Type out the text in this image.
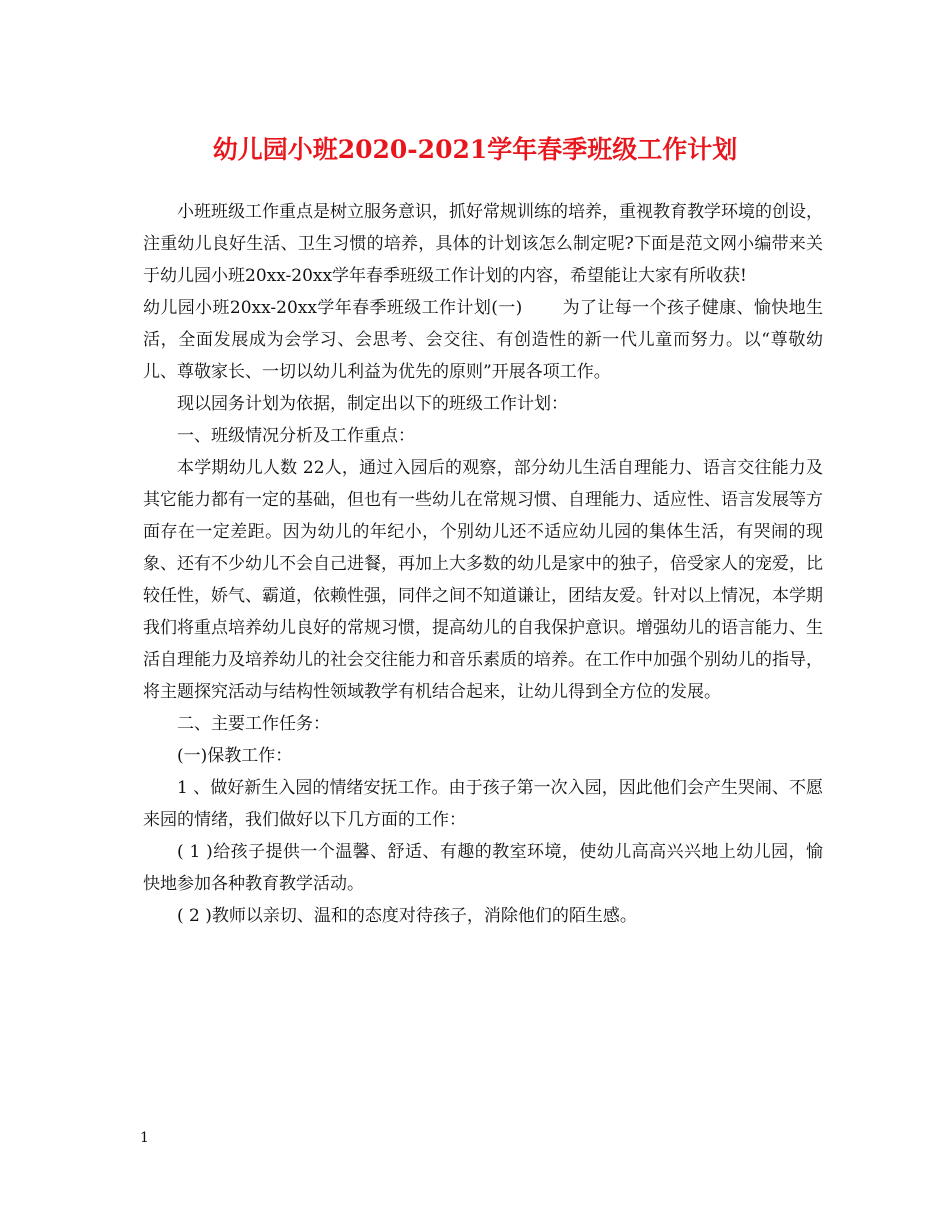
幼儿园小班2020-2021学年春季班级工作计划

小班班级工作重点是树立服务意识，抓好常规训练的培养，重视教育教学环境的创设，注重幼儿良好生活、卫生习惯的培养，具体的计划该怎么制定呢?下面是范文网小编带来关于幼儿园小班20xx-20xx学年春季班级工作计划的内容，希望能让大家有所收获!

幼儿园小班20xx-20xx学年春季班级工作计划(一) 为了让每一个孩子健康、愉快地生活，全面发展成为会学习、会思考、会交往、有创造性的新一代儿童而努力。以“尊敬幼儿、尊敬家长、一切以幼儿利益为优先的原则”开展各项工作。

现以园务计划为依据，制定出以下的班级工作计划：

一、班级情况分析及工作重点：

本学期幼儿人数 22人，通过入园后的观察，部分幼儿生活自理能力、语言交往能力及其它能力都有一定的基础，但也有一些幼儿在常规习惯、自理能力、适应性、语言发展等方面存在一定差距。因为幼儿的年纪小，个别幼儿还不适应幼儿园的集体生活，有哭闹的现象、还有不少幼儿不会自己进餐，再加上大多数的幼儿是家中的独子，倍受家人的宠爱，比较任性，娇气、霸道，依赖性强，同伴之间不知道谦让，团结友爱。针对以上情况，本学期我们将重点培养幼儿良好的常规习惯，提高幼儿的自我保护意识。增强幼儿的语言能力、生活自理能力及培养幼儿的社会交往能力和音乐素质的培养。在工作中加强个别幼儿的指导，将主题探究活动与结构性领域教学有机结合起来，让幼儿得到全方位的发展。

二、主要工作任务：

(一)保教工作：

1 、做好新生入园的情绪安抚工作。由于孩子第一次入园，因此他们会产生哭闹、不愿来园的情绪，我们做好以下几方面的工作：

( 1 )给孩子提供一个温馨、舒适、有趣的教室环境，使幼儿高高兴兴地上幼儿园，愉快地参加各种教育教学活动。

( 2 )教师以亲切、温和的态度对待孩子，消除他们的陌生感。

1
